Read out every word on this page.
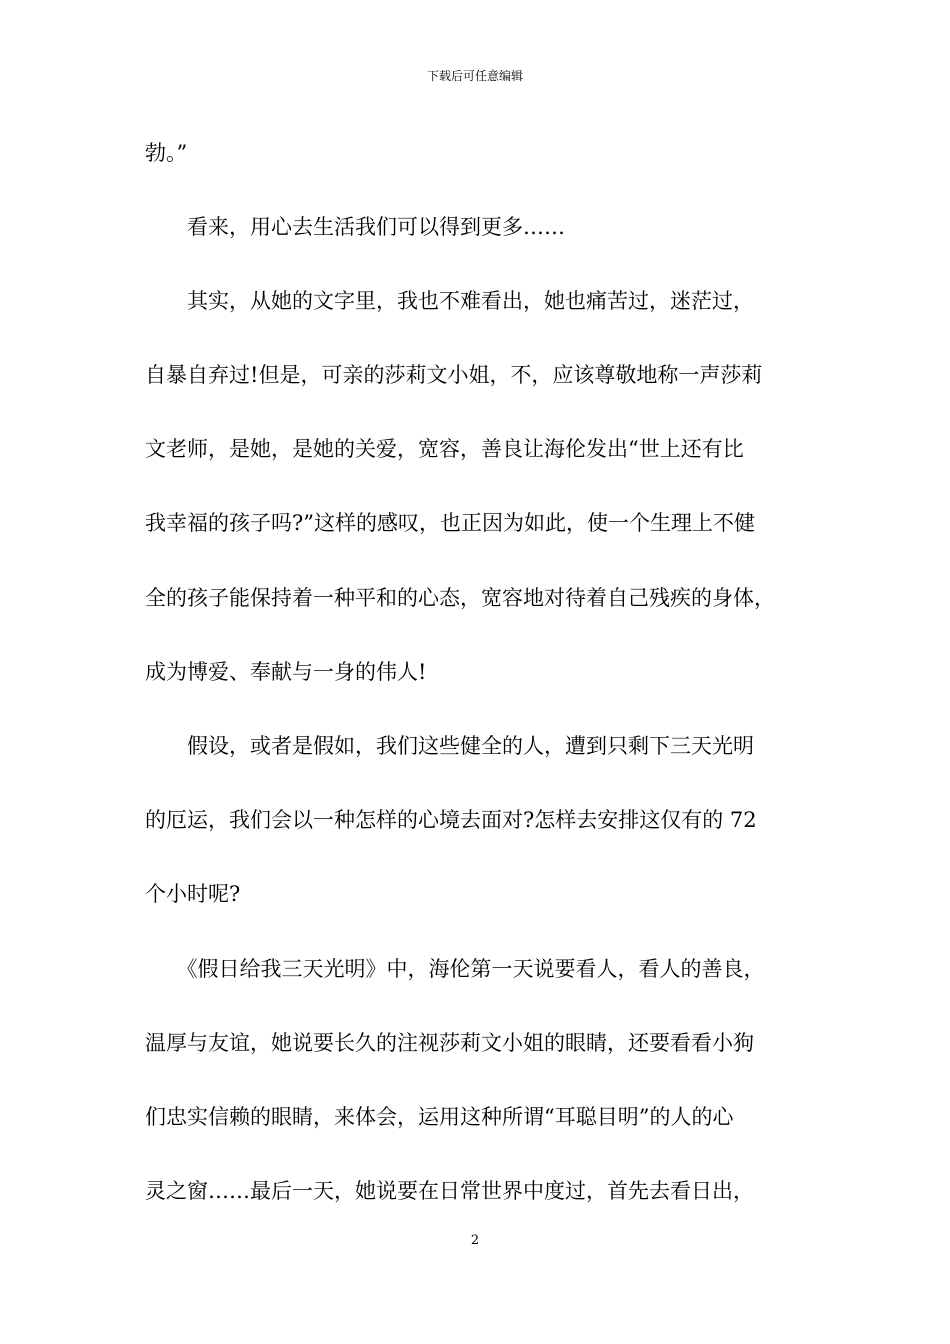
下载后可任意编辑

勃。”

　　看来，用心去生活我们可以得到更多……

　　其实，从她的文字里，我也不难看出，她也痛苦过，迷茫过，

自暴自弃过!但是，可亲的莎莉文小姐，不，应该尊敬地称一声莎莉

文老师，是她，是她的关爱，宽容，善良让海伦发出“世上还有比

我幸福的孩子吗?”这样的感叹，也正因为如此，使一个生理上不健

全的孩子能保持着一种平和的心态，宽容地对待着自己残疾的身体，

成为博爱、奉献与一身的伟人!

　　假设，或者是假如，我们这些健全的人，遭到只剩下三天光明

的厄运，我们会以一种怎样的心境去面对?怎样去安排这仅有的 72

个小时呢?

　　《假日给我三天光明》中，海伦第一天说要看人，看人的善良，

温厚与友谊，她说要长久的注视莎莉文小姐的眼睛，还要看看小狗

们忠实信赖的眼睛，来体会，运用这种所谓“耳聪目明”的人的心

灵之窗……最后一天，她说要在日常世界中度过，首先去看日出，

2
